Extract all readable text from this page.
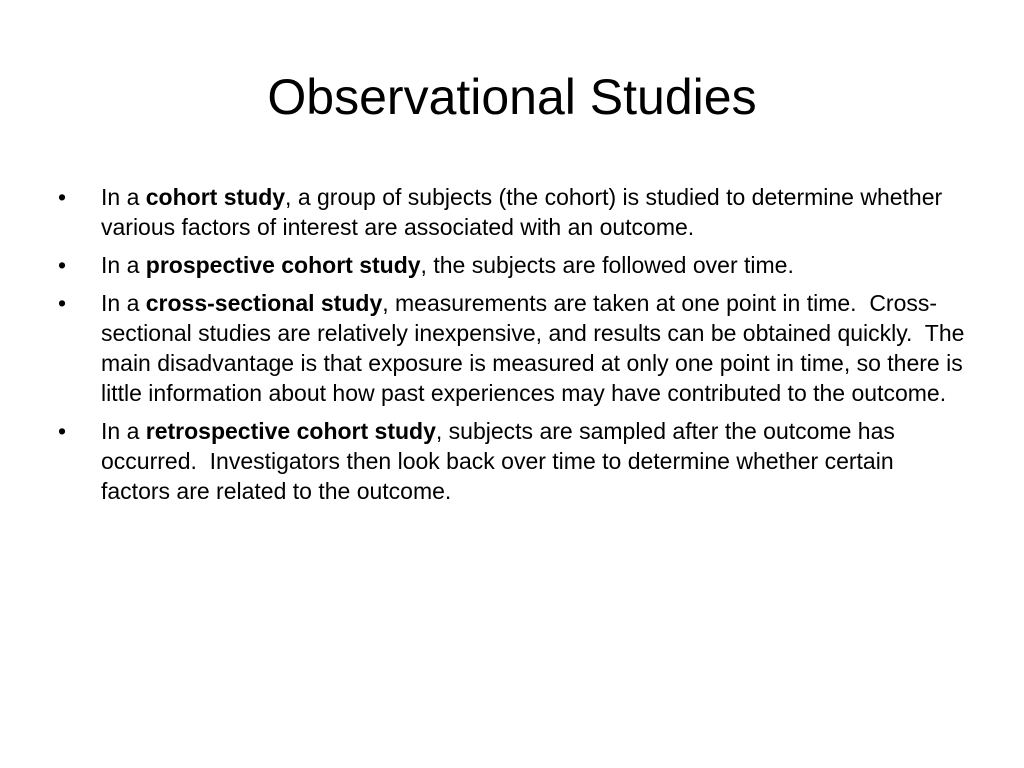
Observational Studies
•	In a cohort study, a group of subjects (the cohort) is studied to determine whether various factors of interest are associated with an outcome.
•	In a prospective cohort study, the subjects are followed over time.
•	In a cross-sectional study, measurements are taken at one point in time.  Cross-sectional studies are relatively inexpensive, and results can be obtained quickly.  The main disadvantage is that exposure is measured at only one point in time, so there is little information about how past experiences may have contributed to the outcome.
•	In a retrospective cohort study, subjects are sampled after the outcome has occurred.  Investigators then look back over time to determine whether certain factors are related to the outcome.
